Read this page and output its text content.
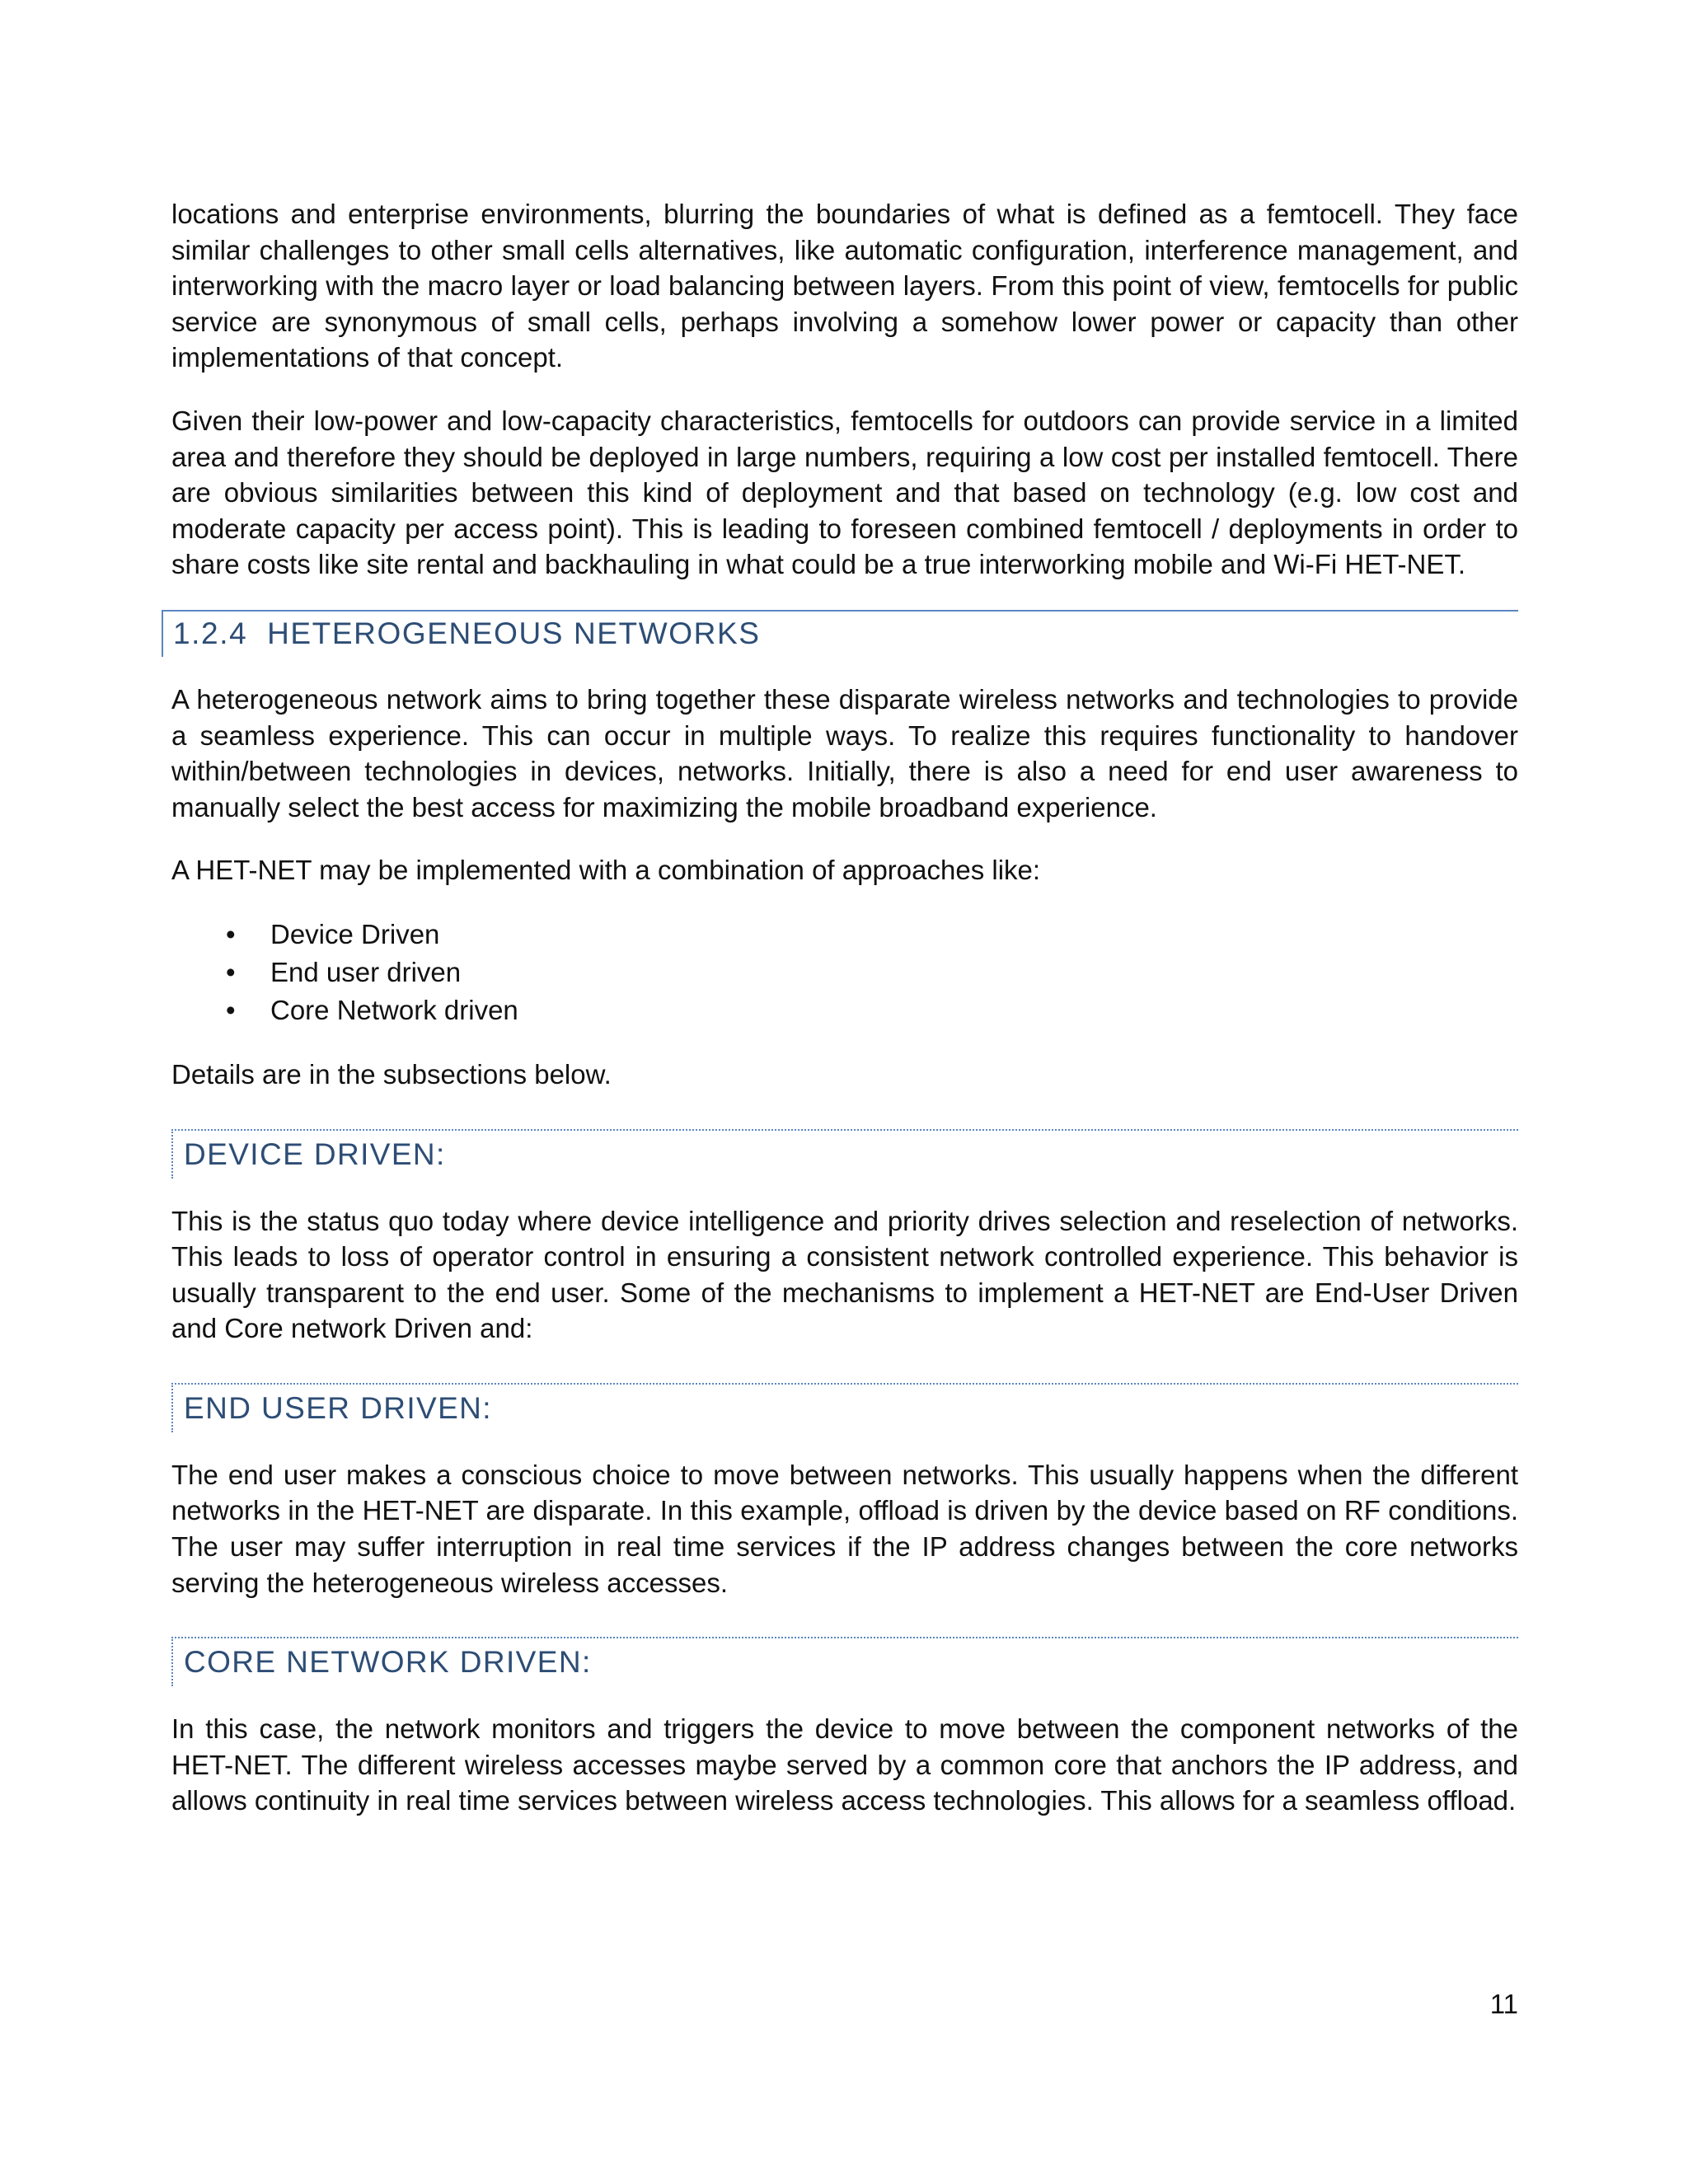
locations and enterprise environments, blurring the boundaries of what is defined as a femtocell. They face similar challenges to other small cells alternatives, like automatic configuration, interference management, and interworking with the macro layer or load balancing between layers. From this point of view, femtocells for public service are synonymous of small cells, perhaps involving a somehow lower power or capacity than other implementations of that concept.

Given their low-power and low-capacity characteristics, femtocells for outdoors can provide service in a limited area and therefore they should be deployed in large numbers, requiring a low cost per installed femtocell. There are obvious similarities between this kind of deployment and that based on technology (e.g. low cost and moderate capacity per access point). This is leading to foreseen combined femtocell / deployments in order to share costs like site rental and backhauling in what could be a true interworking mobile and Wi-Fi HET-NET.

1.2.4 HETEROGENEOUS NETWORKS

A heterogeneous network aims to bring together these disparate wireless networks and technologies to provide a seamless experience. This can occur in multiple ways. To realize this requires functionality to handover within/between technologies in devices, networks. Initially, there is also a need for end user awareness to manually select the best access for maximizing the mobile broadband experience.

A HET-NET may be implemented with a combination of approaches like:

• Device Driven
• End user driven
• Core Network driven

Details are in the subsections below.

DEVICE DRIVEN:

This is the status quo today where device intelligence and priority drives selection and reselection of networks. This leads to loss of operator control in ensuring a consistent network controlled experience. This behavior is usually transparent to the end user. Some of the mechanisms to implement a HET-NET are End-User Driven and Core network Driven and:

END USER DRIVEN:

The end user makes a conscious choice to move between networks. This usually happens when the different networks in the HET-NET are disparate. In this example, offload is driven by the device based on RF conditions. The user may suffer interruption in real time services if the IP address changes between the core networks serving the heterogeneous wireless accesses.

CORE NETWORK DRIVEN:

In this case, the network monitors and triggers the device to move between the component networks of the HET-NET. The different wireless accesses maybe served by a common core that anchors the IP address, and allows continuity in real time services between wireless access technologies. This allows for a seamless offload.

11
